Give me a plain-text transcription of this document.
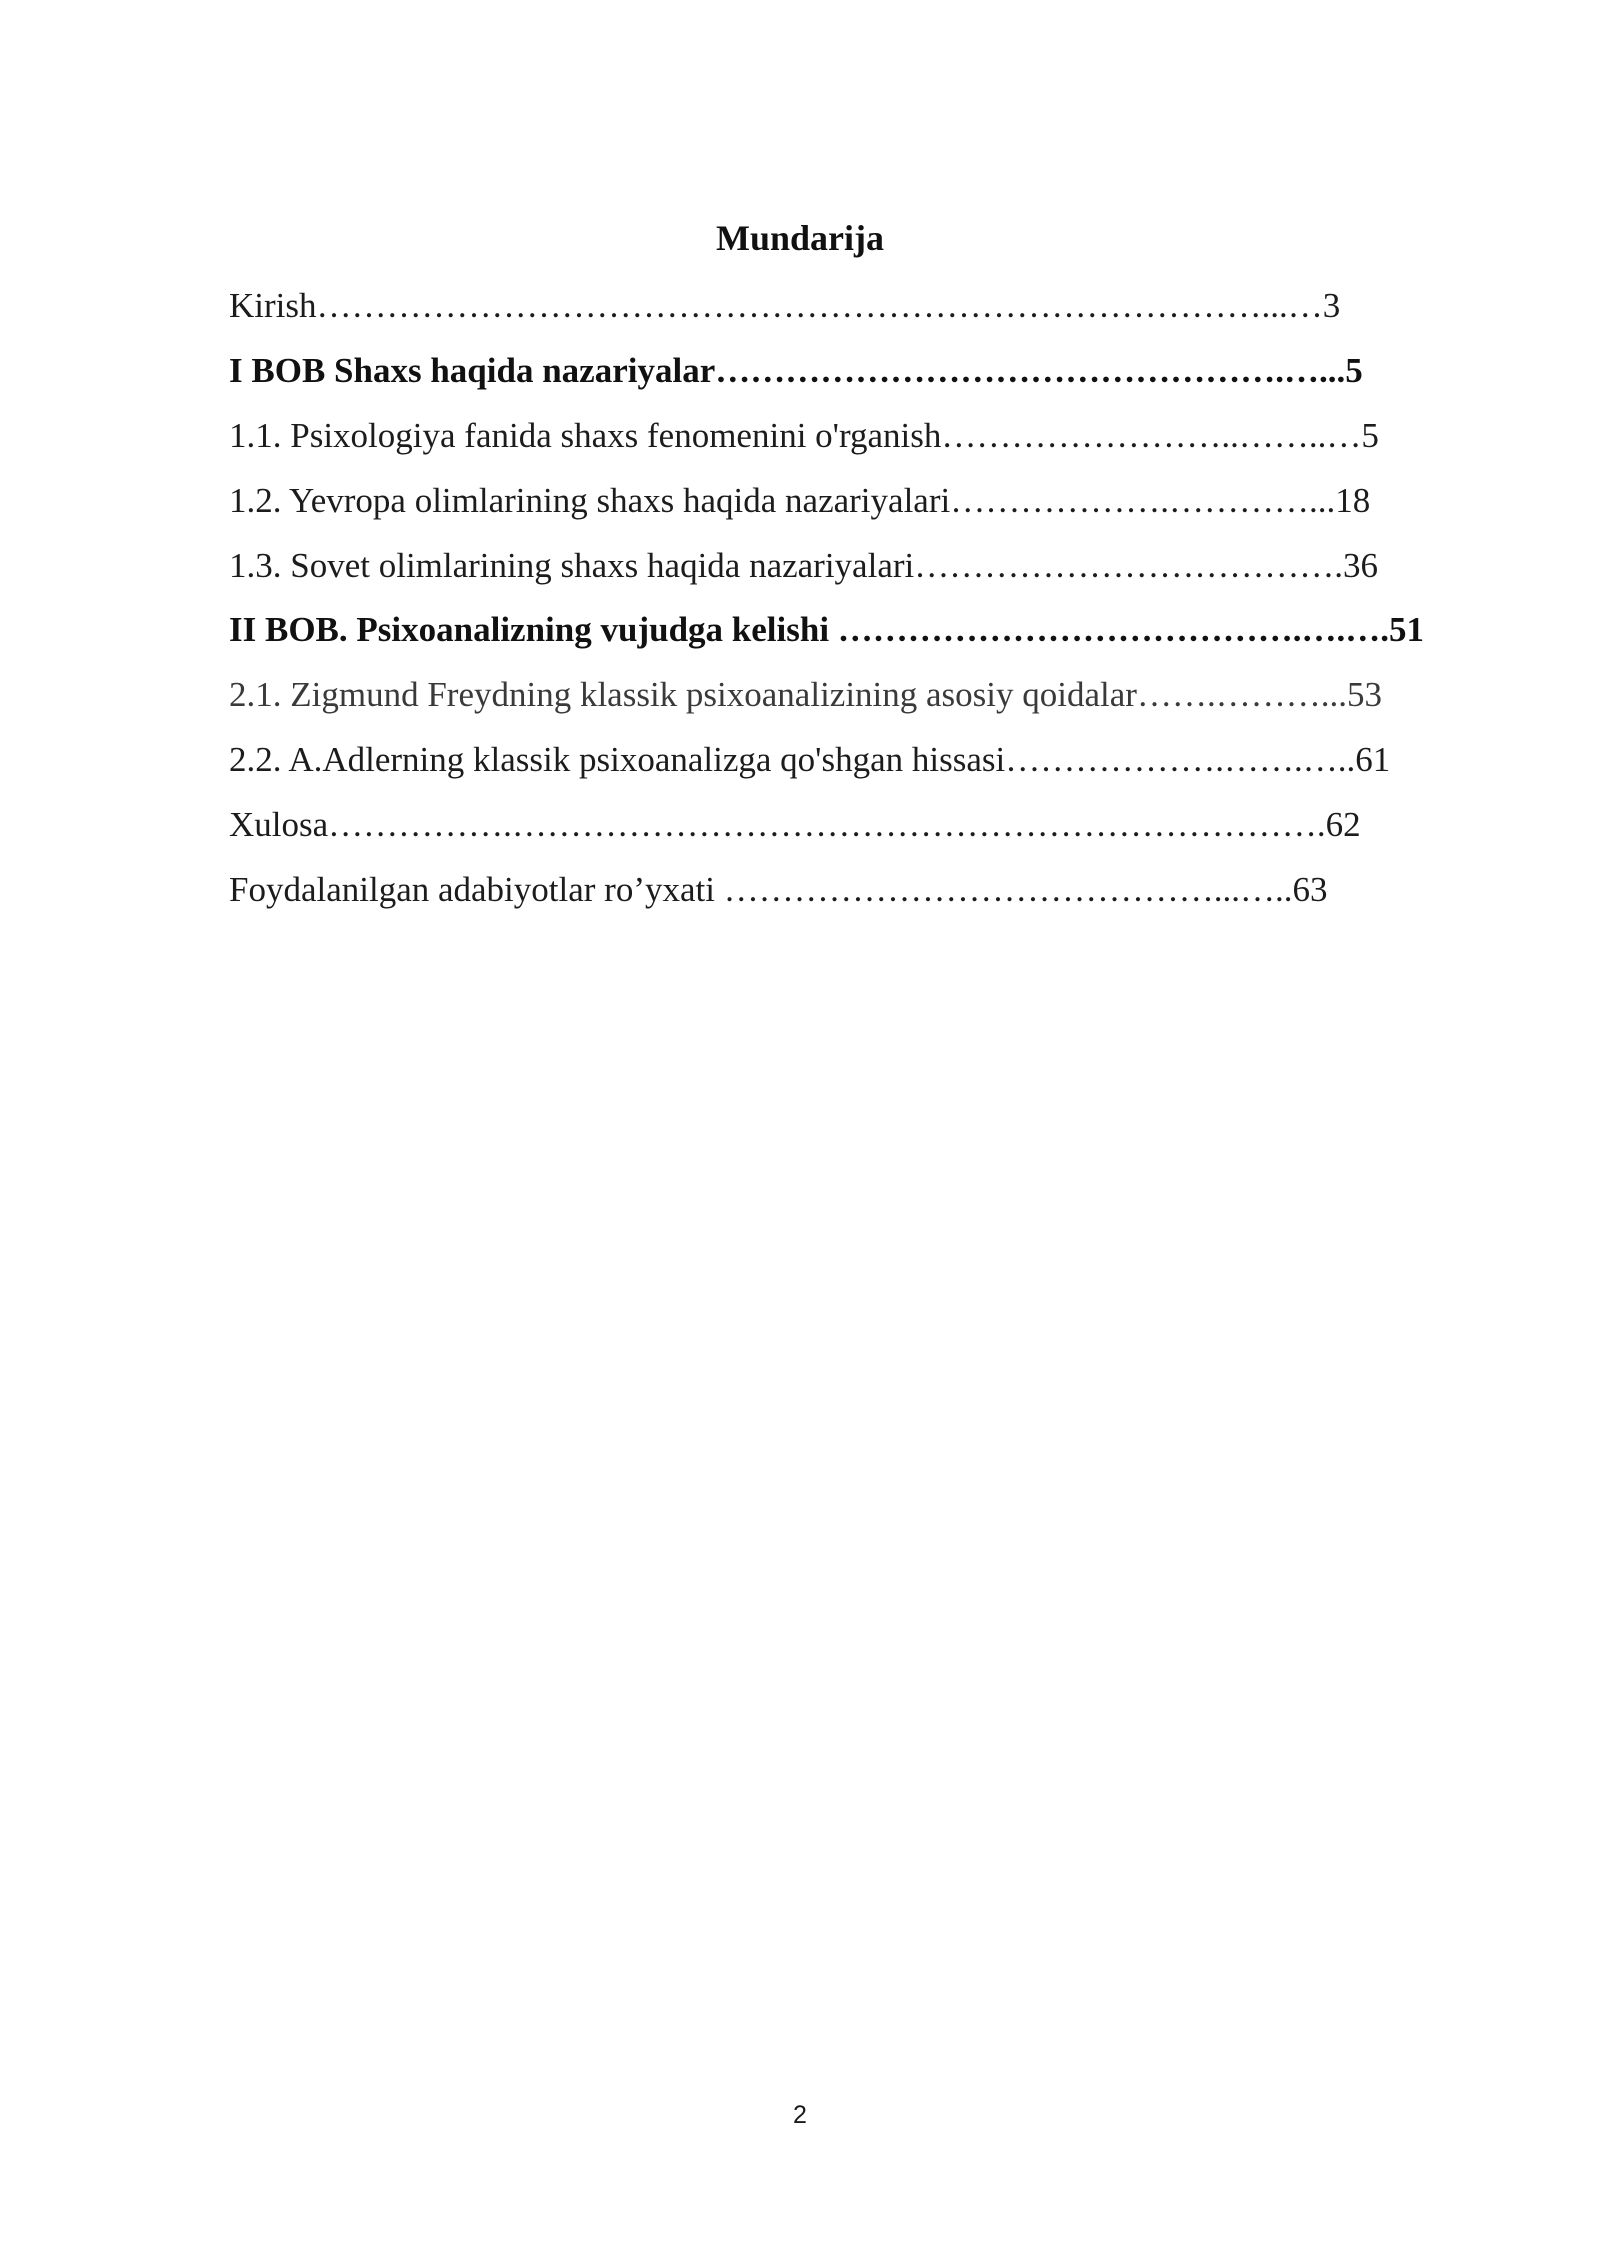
Mundarija
Kirish………………………………………………………………………...…3
I BOB Shaxs haqida nazariyalar………………………………………….…...5
1.1. Psixologiya fanida shaxs fenomenini o'rganish……………………..……..…5
1.2. Yevropa olimlarining shaxs haqida nazariyalari……………….…………...18
1.3. Sovet olimlarining shaxs haqida nazariyalari……………………………….36
II BOB. Psixoanalizning vujudga kelishi ………………………………….….….51
2.1. Zigmund Freydning klassik psixoanalizining asosiy qoidalar…….………...53
2.2. A.Adlerning klassik psixoanalizga qo'shgan hissasi……………….…….…..61
Xulosa…………….…………………………………………………………….62
Foydalanilgan adabiyotlar ro’yxati ……………………………………...…..63
2
